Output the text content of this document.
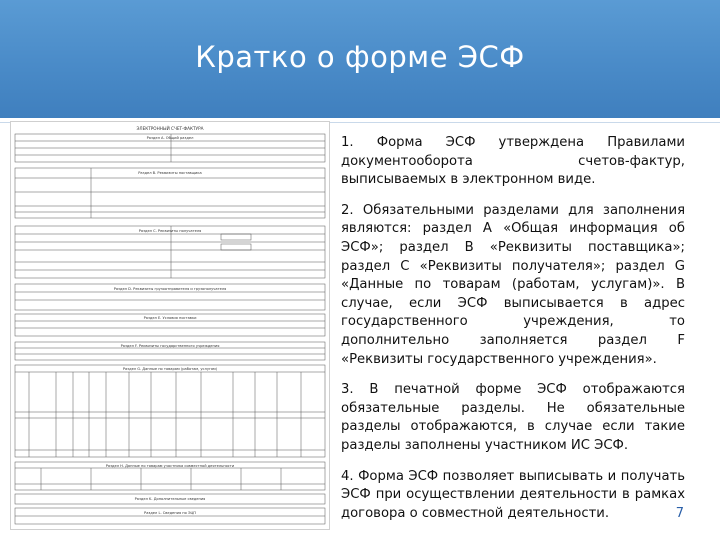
Кратко о форме ЭСФ
ЭЛЕКТРОННЫЙ СЧЕТ-ФАКТУРА
Раздел А. Общий раздел
Раздел В. Реквизиты поставщика
Раздел С. Реквизиты получателя
Раздел D. Реквизиты грузоотправителя и грузополучателя
Раздел E. Условия поставки
Раздел F. Реквизиты государственного учреждения
Раздел G. Данные по товарам (работам, услугам)
Раздел H. Данные по товарам участника совместной деятельности
Раздел K. Дополнительные сведения
Раздел L. Сведения по ЭЦП

1. Форма ЭСФ утверждена Правилами документооборота счетов-фактур, выписываемых в электронном виде.

2. Обязательными разделами для заполнения являются: раздел А «Общая информация об ЭСФ»; раздел В «Реквизиты поставщика»; раздел С «Реквизиты получателя»; раздел G «Данные по товарам (работам, услугам)». В случае, если ЭСФ выписывается в адрес государственного учреждения, то дополнительно заполняется раздел F «Реквизиты государственного учреждения».

3. В печатной форме ЭСФ отображаются обязательные разделы. Не обязательные разделы отображаются, в случае если такие разделы заполнены участником ИС ЭСФ.

4. Форма ЭСФ позволяет выписывать и получать ЭСФ при осуществлении деятельности в рамках договора о совместной деятельности.	7
